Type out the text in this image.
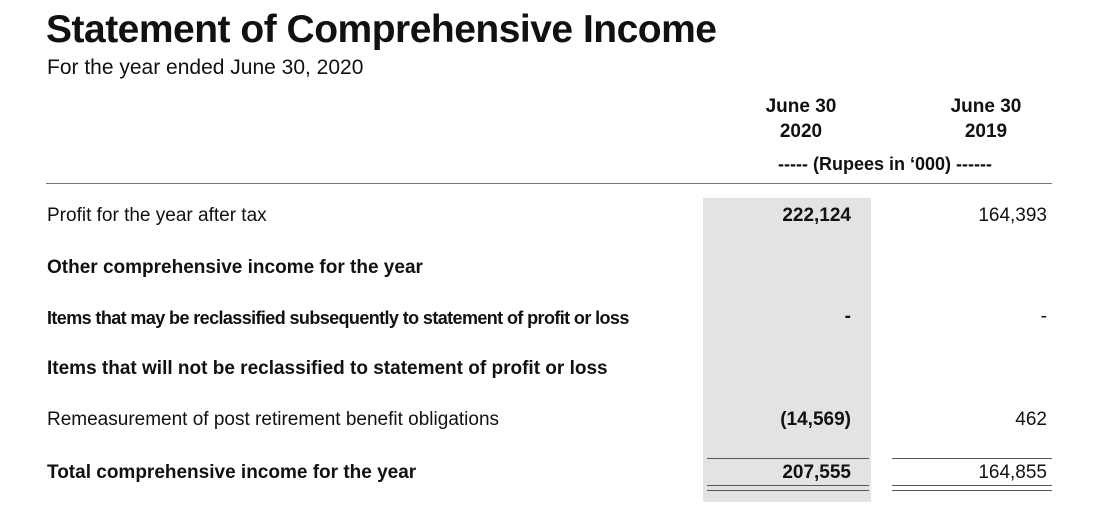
Statement of Comprehensive Income
For the year ended June 30, 2020
June 30
2020
June 30
2019
----- (Rupees in ‘000) ------
Profit for the year after tax	222,124	164,393
Other comprehensive income for the year
Items that may be reclassified subsequently to statement of profit or loss	-	-
Items that will not be reclassified to statement of profit or loss
Remeasurement of post retirement benefit obligations	(14,569)	462
Total comprehensive income for the year	207,555	164,855
